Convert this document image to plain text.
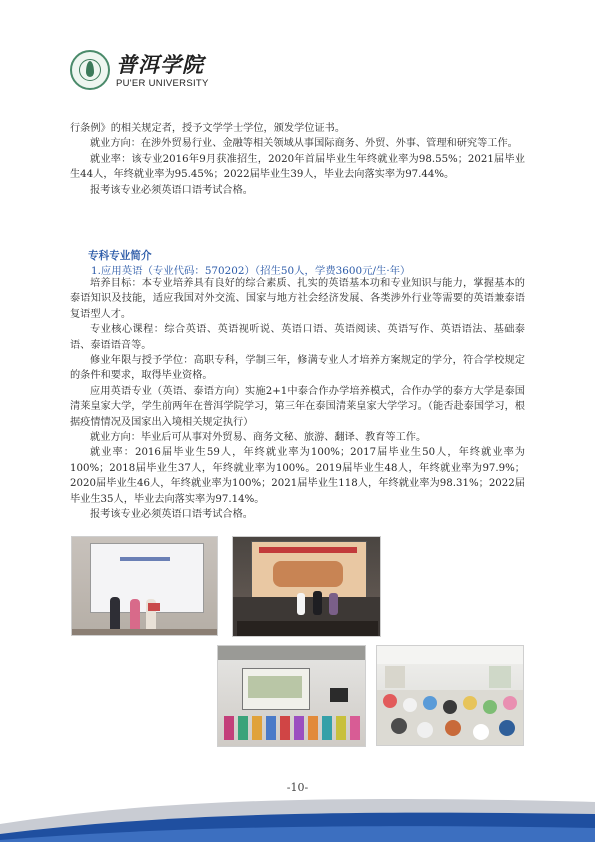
普洱学院
PU'ER UNIVERSITY

行条例》的相关规定者，授予文学学士学位，颁发学位证书。

就业方向：在涉外贸易行业、金融等相关领域从事国际商务、外贸、外事、管理和研究等工作。

就业率：该专业2016年9月获准招生，2020年首届毕业生年终就业率为98.55%；2021届毕业生44人，年终就业率为95.45%；2022届毕业生39人，毕业去向落实率为97.44%。

报考该专业必须英语口语考试合格。

专科专业简介
1.应用英语（专业代码：570202）（招生50人，学费3600元/生·年）

培养目标：本专业培养具有良好的综合素质、扎实的英语基本功和专业知识与能力，掌握基本的泰语知识及技能，适应我国对外交流、国家与地方社会经济发展、各类涉外行业等需要的英语兼泰语复语型人才。

专业核心课程：综合英语、英语视听说、英语口语、英语阅读、英语写作、英语语法、基础泰语、泰语语音等。

修业年限与授予学位：高职专科，学制三年，修满专业人才培养方案规定的学分，符合学校规定的条件和要求，取得毕业资格。

应用英语专业（英语、泰语方向）实施2+1中泰合作办学培养模式，合作办学的泰方大学是泰国清莱皇家大学，学生前两年在普洱学院学习，第三年在泰国清莱皇家大学学习。（能否赴泰国学习，根据疫情情况及国家出入境相关规定执行）

就业方向：毕业后可从事对外贸易、商务文秘、旅游、翻译、教育等工作。

就业率：2016届毕业生59人，年终就业率为100%；2017届毕业生50人，年终就业率为100%；2018届毕业生37人，年终就业率为100%。2019届毕业生48人，年终就业率为97.9%；2020届毕业生46人，年终就业率为100%；2021届毕业生118人，年终就业率为98.31%；2022届毕业生35人，毕业去向落实率为97.14%。

报考该专业必须英语口语考试合格。

-10-
